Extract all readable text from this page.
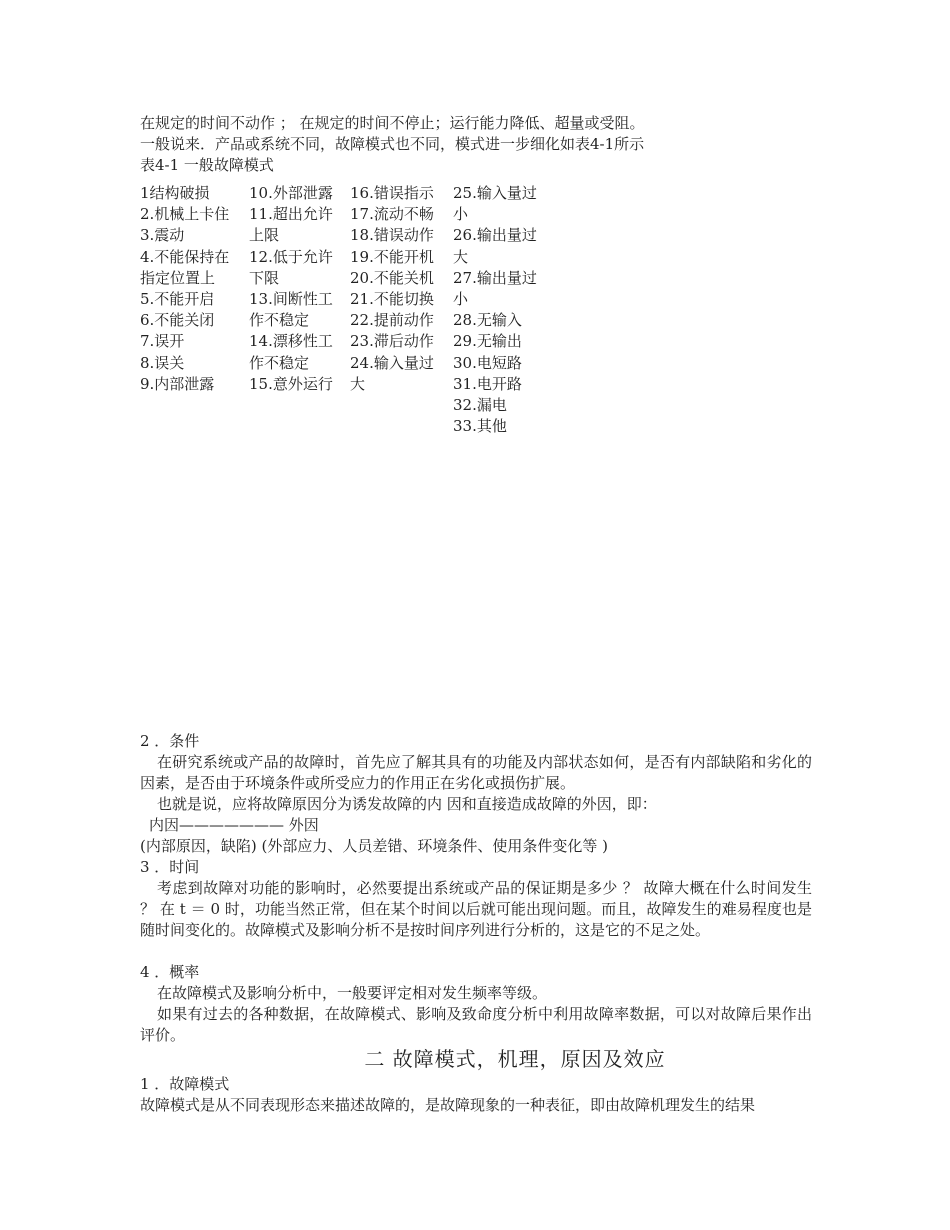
在规定的时间不动作 ； 在规定的时间不停止；运行能力降低、超量或受阻。
一般说来．产品或系统不同，故障模式也不同，模式进一步细化如表4-1所示
表4-1 一般故障模式
1结构破损
2.机械上卡住
3.震动
4.不能保持在
指定位置上
5.不能开启
6.不能关闭
7.误开
8.误关
9.内部泄露
10.外部泄露
11.超出允许
上限
12.低于允许
下限
13.间断性工
作不稳定
14.漂移性工
作不稳定
15.意外运行
16.错误指示
17.流动不畅
18.错误动作
19.不能开机
20.不能关机
21.不能切换
22.提前动作
23.滞后动作
24.输入量过
大
25.输入量过
小
26.输出量过
大
27.输出量过
小
28.无输入
29.无输出
30.电短路
31.电开路
32.漏电
33.其他
2 ．条件
在研究系统或产品的故障时，首先应了解其具有的功能及内部状态如何，是否有内部缺陷和劣化的因素，是否由于环境条件或所受应力的作用正在劣化或损伤扩展。
也就是说，应将故障原因分为诱发故障的内 因和直接造成故障的外因，即：
内因——————— 外因
(内部原因，缺陷) (外部应力、人员差错、环境条件、使用条件变化等 )
3 ．时间
考虑到故障对功能的影响时，必然要提出系统或产品的保证期是多少 ？ 故障大概在什么时间发生 ？ 在 t ＝ 0 时，功能当然正常，但在某个时间以后就可能出现问题。而且，故障发生的难易程度也是随时间变化的。故障模式及影响分析不是按时间序列进行分析的，这是它的不足之处。
4 ．概率
在故障模式及影响分析中，一般要评定相对发生频率等级。
如果有过去的各种数据，在故障模式、影响及致命度分析中利用故障率数据，可以对故障后果作出评价。
二 故障模式，机理，原因及效应
1 ．故障模式
故障模式是从不同表现形态来描述故障的，是故障现象的一种表征，即由故障机理发生的结果
